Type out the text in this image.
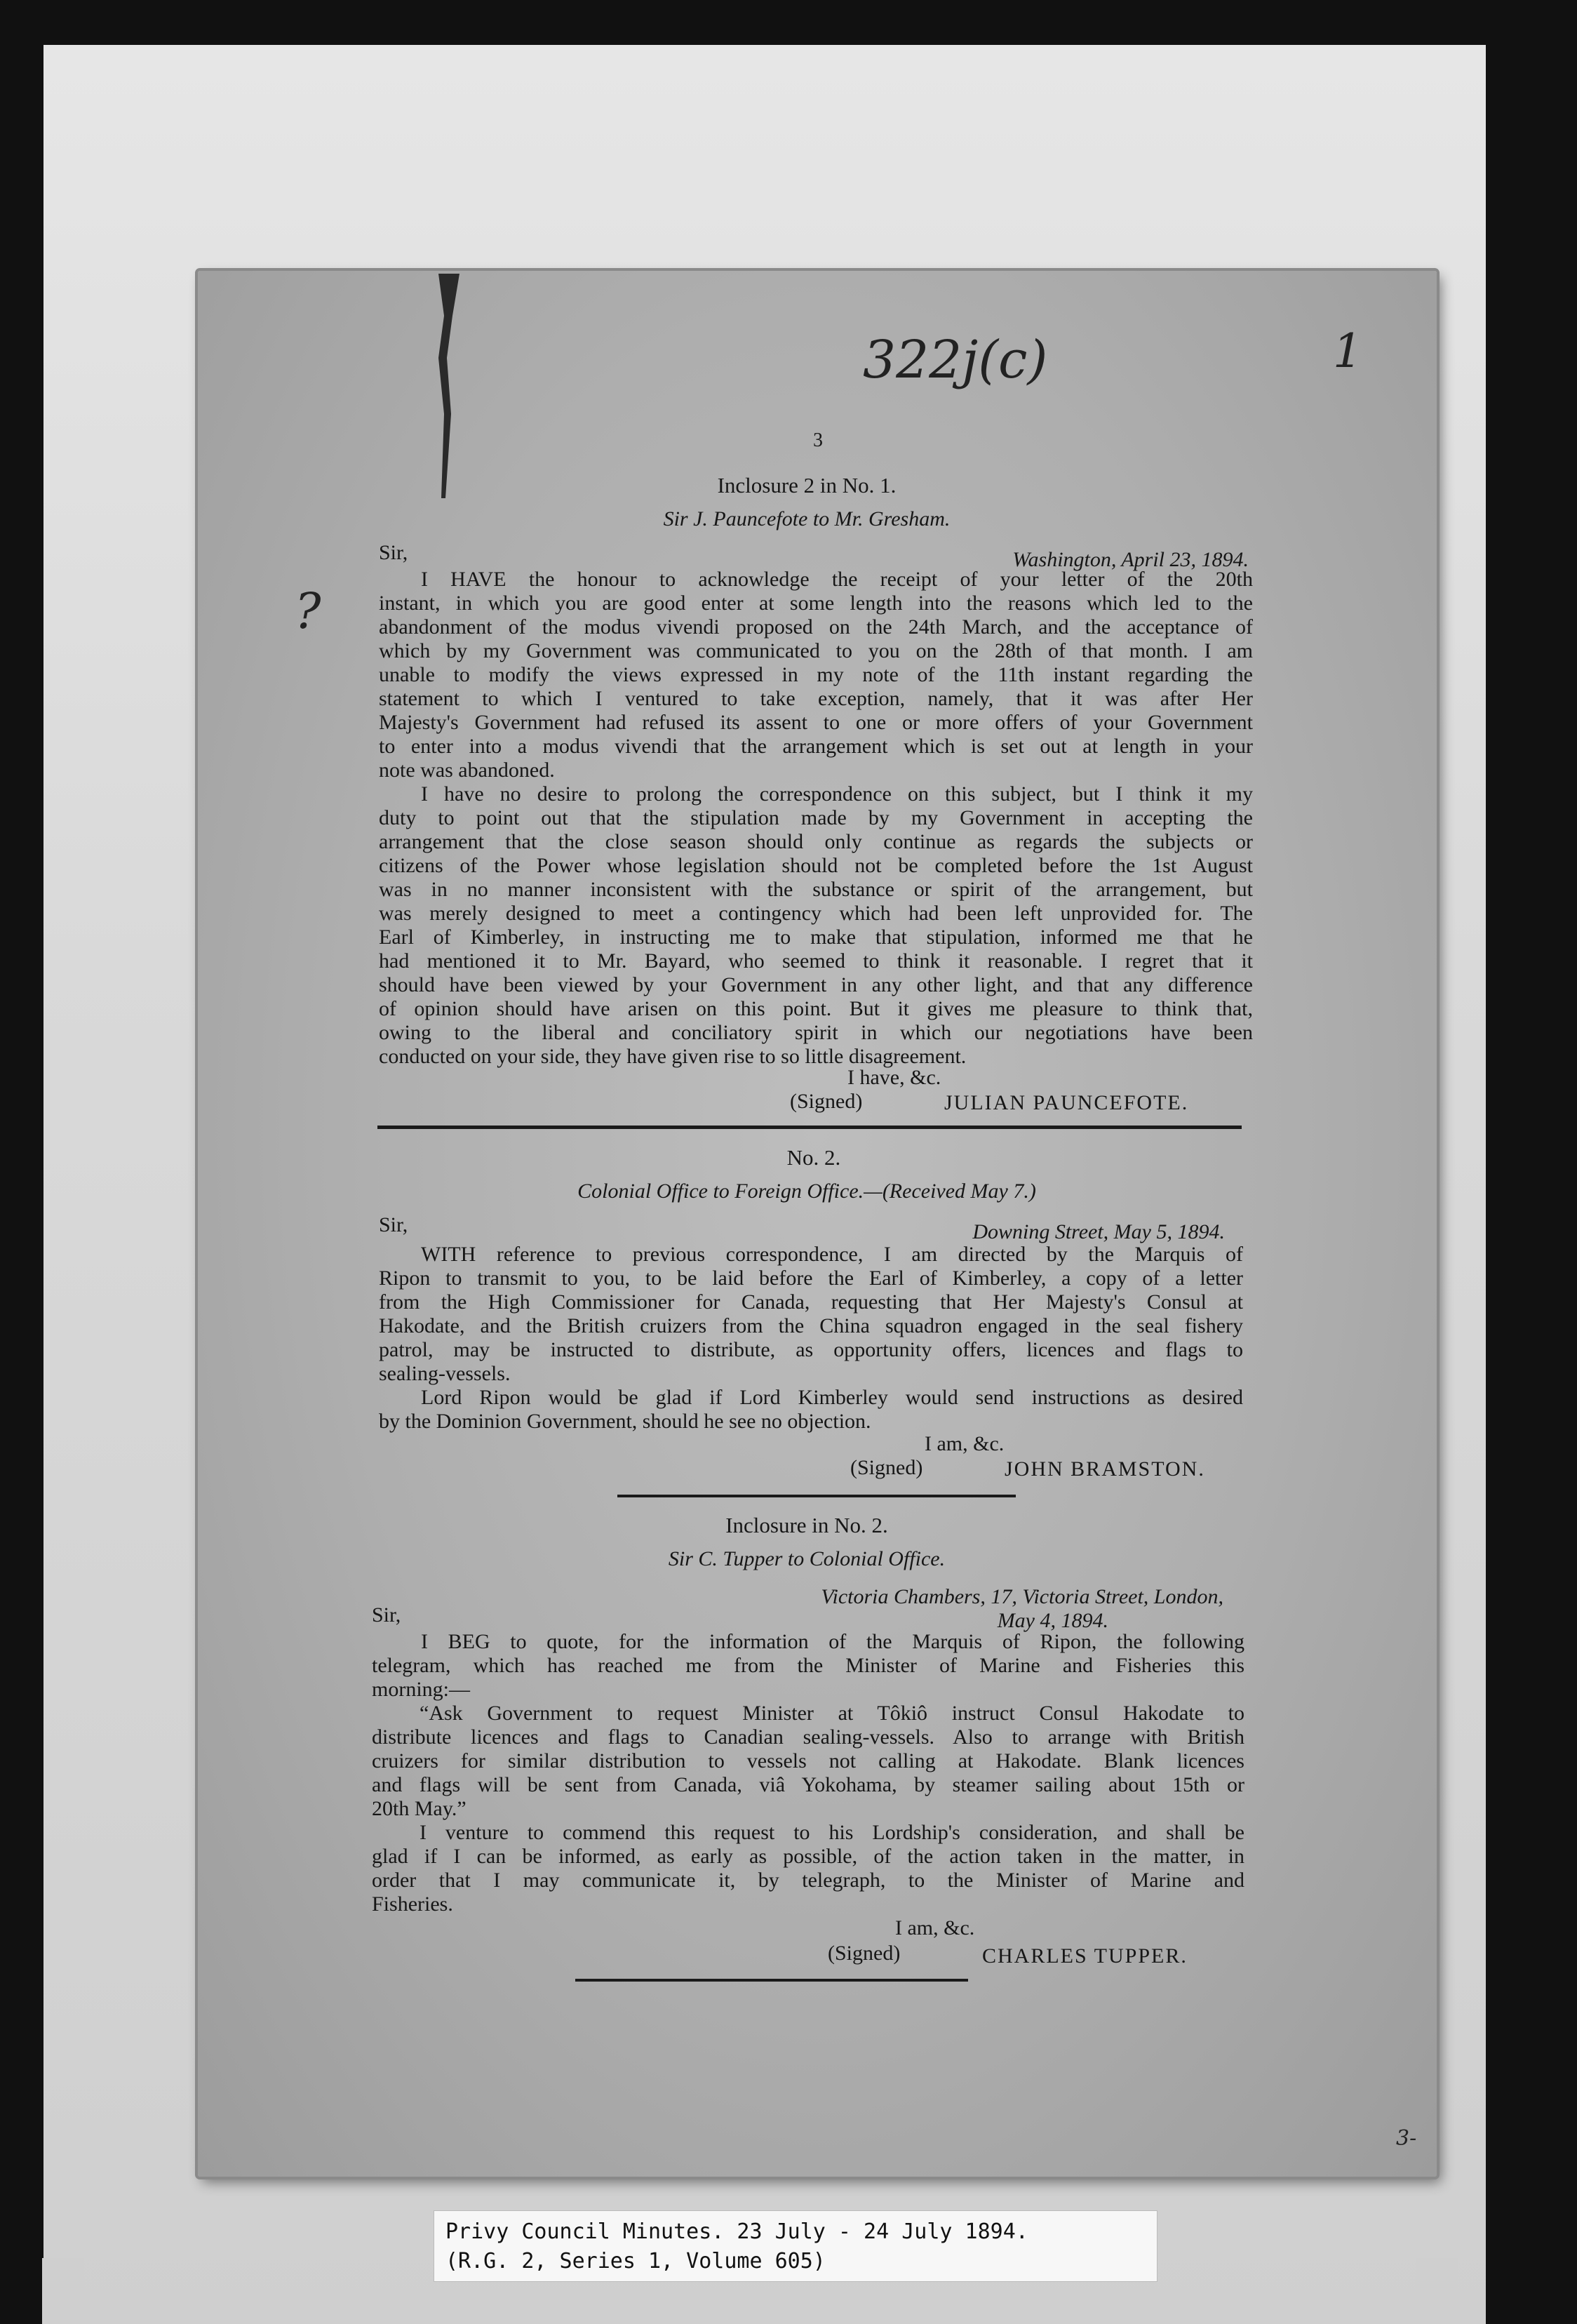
322j(c)	1
?
3-
3
Inclosure 2 in No. 1.
Sir J. Pauncefote to Mr. Gresham.
Sir,	Washington, April 23, 1894.
I HAVE the honour to acknowledge the receipt of your letter of the 20th
instant, in which you are good enter at some length into the reasons which led to the
abandonment of the modus vivendi proposed on the 24th March, and the acceptance of
which by my Government was communicated to you on the 28th of that month. I am
unable to modify the views expressed in my note of the 11th instant regarding the
statement to which I ventured to take exception, namely, that it was after Her
Majesty's Government had refused its assent to one or more offers of your Government
to enter into a modus vivendi that the arrangement which is set out at length in your
note was abandoned.
I have no desire to prolong the correspondence on this subject, but I think it my
duty to point out that the stipulation made by my Government in accepting the
arrangement that the close season should only continue as regards the subjects or
citizens of the Power whose legislation should not be completed before the 1st August
was in no manner inconsistent with the substance or spirit of the arrangement, but
was merely designed to meet a contingency which had been left unprovided for. The
Earl of Kimberley, in instructing me to make that stipulation, informed me that he
had mentioned it to Mr. Bayard, who seemed to think it reasonable. I regret that it
should have been viewed by your Government in any other light, and that any difference
of opinion should have arisen on this point. But it gives me pleasure to think that,
owing to the liberal and conciliatory spirit in which our negotiations have been
conducted on your side, they have given rise to so little disagreement.
I have, &c.
(Signed)	JULIAN PAUNCEFOTE.
No. 2.
Colonial Office to Foreign Office.—(Received May 7.)
Sir,	Downing Street, May 5, 1894.
WITH reference to previous correspondence, I am directed by the Marquis of
Ripon to transmit to you, to be laid before the Earl of Kimberley, a copy of a letter
from the High Commissioner for Canada, requesting that Her Majesty's Consul at
Hakodate, and the British cruizers from the China squadron engaged in the seal fishery
patrol, may be instructed to distribute, as opportunity offers, licences and flags to
sealing-vessels.
Lord Ripon would be glad if Lord Kimberley would send instructions as desired
by the Dominion Government, should he see no objection.
I am, &c.
(Signed)	JOHN BRAMSTON.
Inclosure in No. 2.
Sir C. Tupper to Colonial Office.
Victoria Chambers, 17, Victoria Street, London,
Sir,	May 4, 1894.
I BEG to quote, for the information of the Marquis of Ripon, the following
telegram, which has reached me from the Minister of Marine and Fisheries this
morning:—
“Ask Government to request Minister at Tôkiô instruct Consul Hakodate to
distribute licences and flags to Canadian sealing-vessels. Also to arrange with British
cruizers for similar distribution to vessels not calling at Hakodate. Blank licences
and flags will be sent from Canada, viâ Yokohama, by steamer sailing about 15th or
20th May.”
I venture to commend this request to his Lordship's consideration, and shall be
glad if I can be informed, as early as possible, of the action taken in the matter, in
order that I may communicate it, by telegraph, to the Minister of Marine and
Fisheries.
I am, &c.
(Signed)	CHARLES TUPPER.
Privy Council Minutes. 23 July - 24 July 1894.
(R.G. 2, Series 1, Volume 605)
